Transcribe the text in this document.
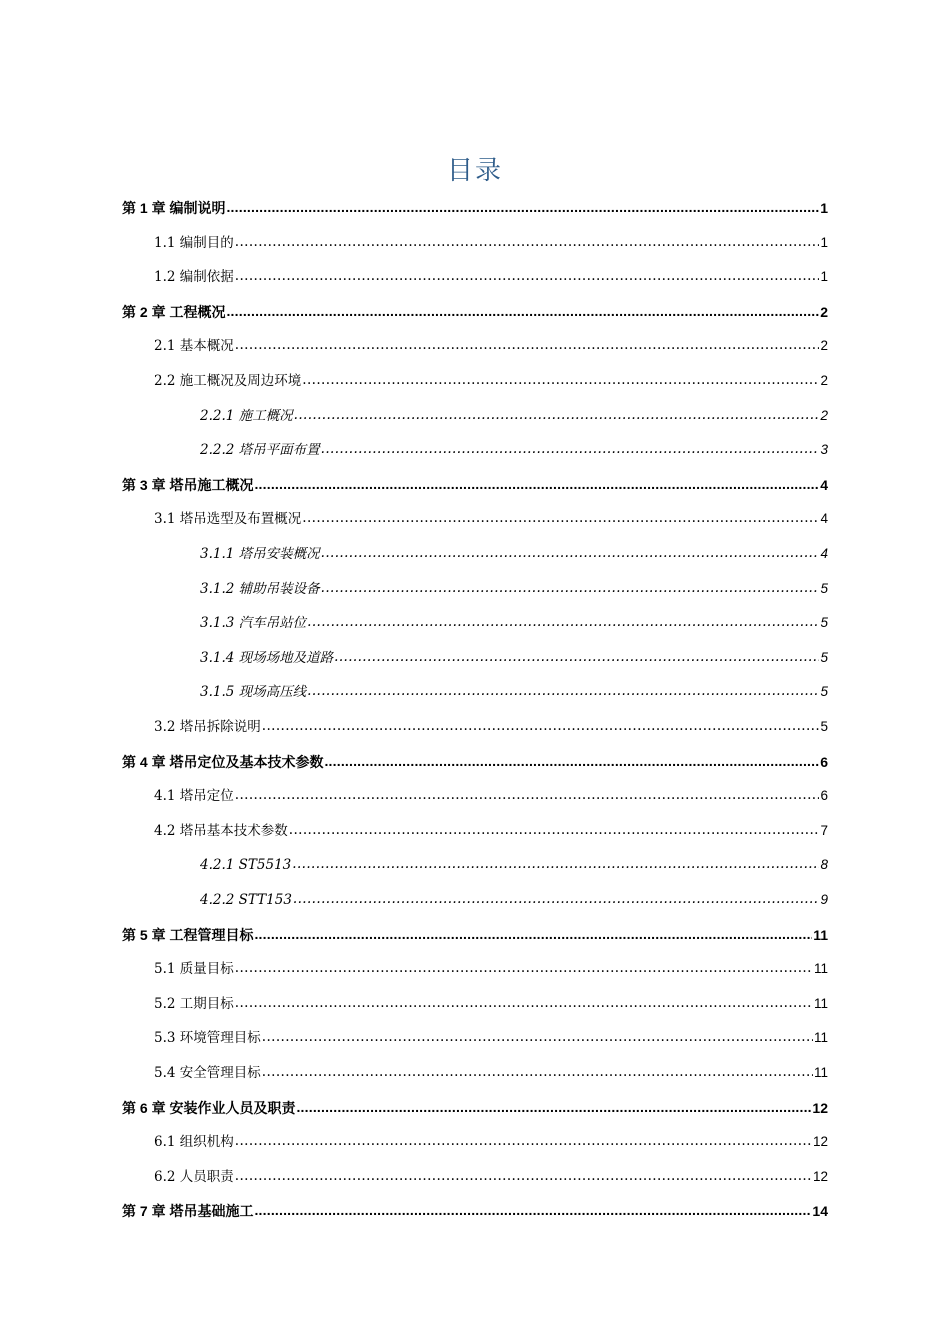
目录
第 1 章 编制说明 .....	1
1.1 编制目的 .....	1
1.2 编制依据 .....	1
第 2 章 工程概况 .....	2
2.1 基本概况 .....	2
2.2 施工概况及周边环境 .....	2
2.2.1 施工概况 .....	2
2.2.2 塔吊平面布置 .....	3
第 3 章 塔吊施工概况 .....	4
3.1 塔吊选型及布置概况 .....	4
3.1.1 塔吊安装概况 .....	4
3.1.2 辅助吊装设备 .....	5
3.1.3 汽车吊站位 .....	5
3.1.4 现场场地及道路 .....	5
3.1.5 现场高压线 .....	5
3.2 塔吊拆除说明 .....	5
第 4 章 塔吊定位及基本技术参数 .....	6
4.1 塔吊定位 .....	6
4.2 塔吊基本技术参数 .....	7
4.2.1 ST5513 .....	8
4.2.2 STT153 .....	9
第 5 章 工程管理目标 .....	11
5.1 质量目标 .....	11
5.2 工期目标 .....	11
5.3 环境管理目标 .....	11
5.4 安全管理目标 .....	11
第 6 章 安装作业人员及职责 .....	12
6.1 组织机构 .....	12
6.2 人员职责 .....	12
第 7 章 塔吊基础施工 .....	14
